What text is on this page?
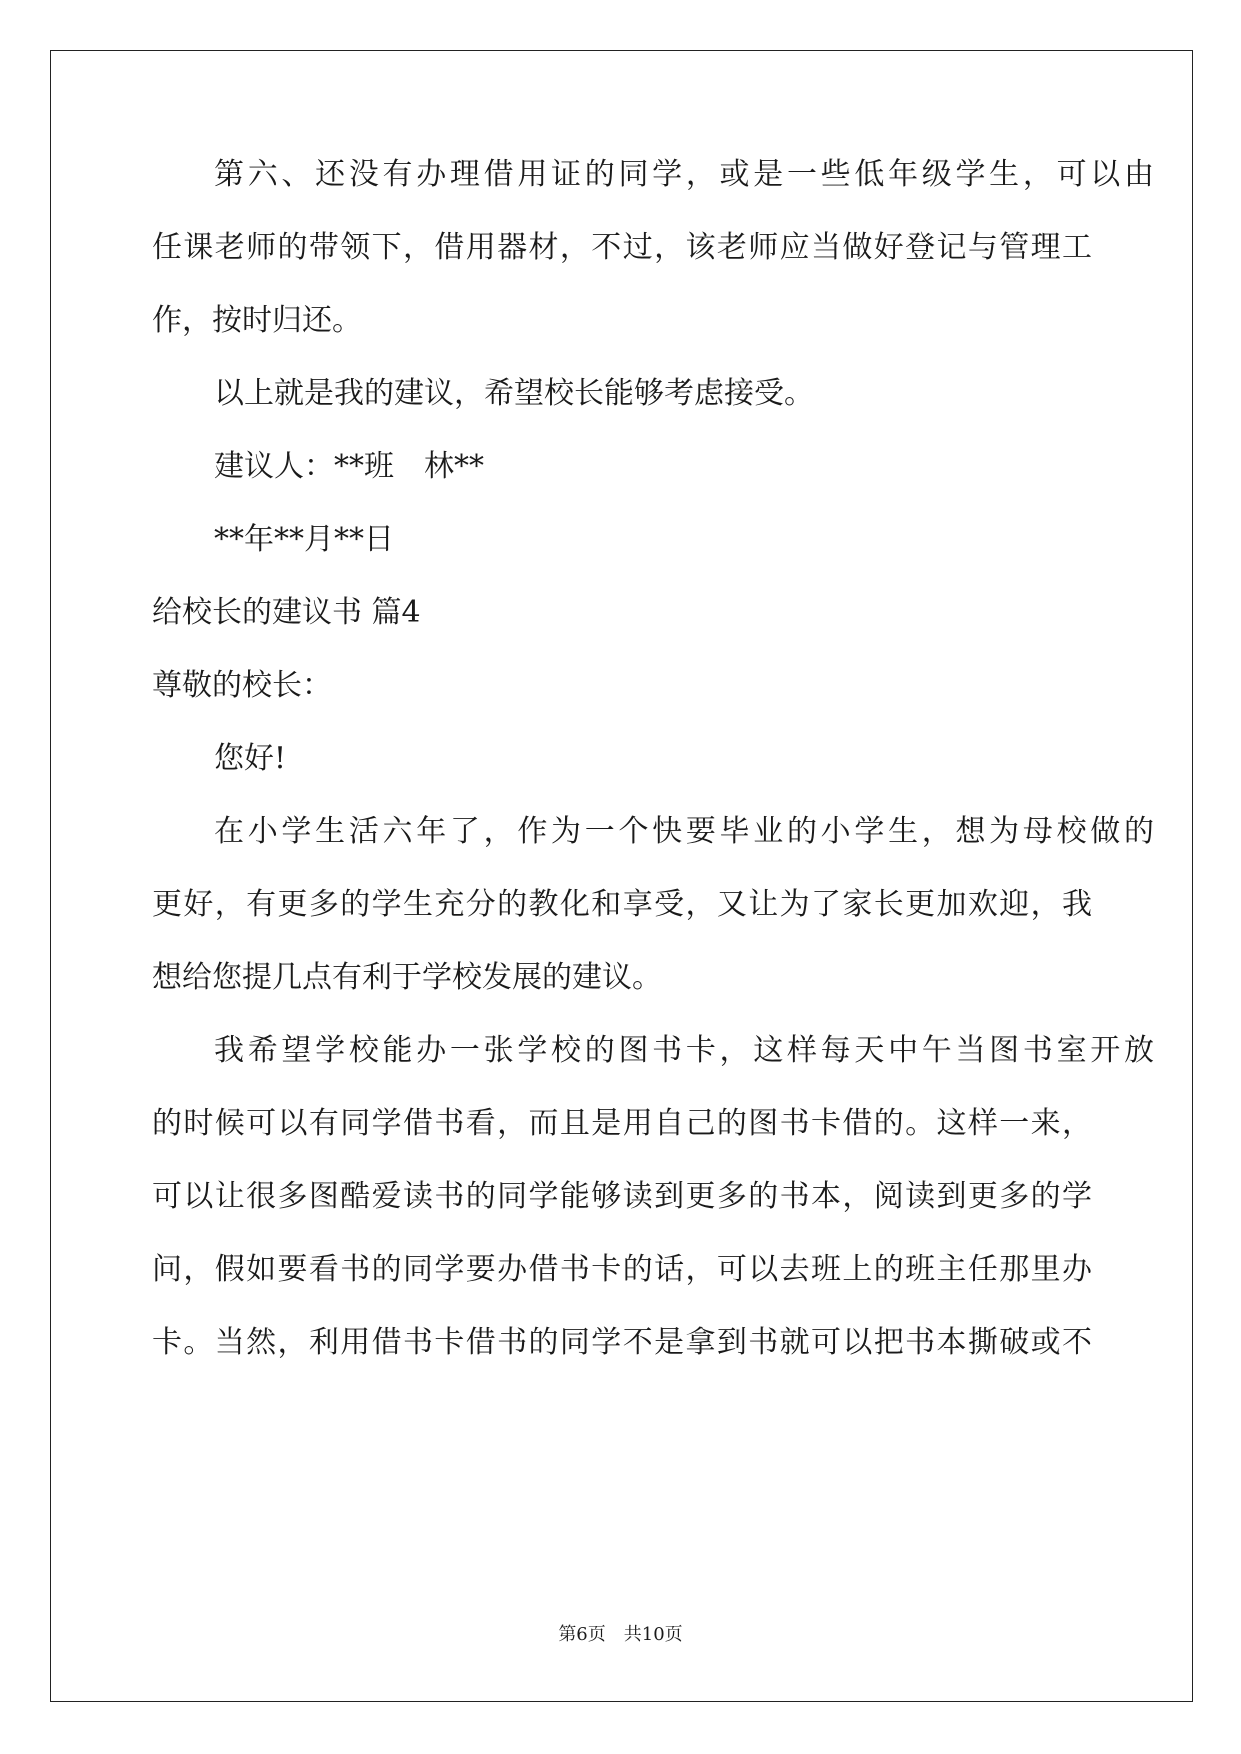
第六、还没有办理借用证的同学，或是一些低年级学生，可以由
任课老师的带领下，借用器材，不过，该老师应当做好登记与管理工
作，按时归还。
以上就是我的建议，希望校长能够考虑接受。
建议人：**班　林**
**年**月**日
给校长的建议书 篇4
尊敬的校长：
您好!
在小学生活六年了，作为一个快要毕业的小学生，想为母校做的
更好，有更多的学生充分的教化和享受，又让为了家长更加欢迎，我
想给您提几点有利于学校发展的建议。
我希望学校能办一张学校的图书卡，这样每天中午当图书室开放
的时候可以有同学借书看，而且是用自己的图书卡借的。这样一来，
可以让很多图酷爱读书的同学能够读到更多的书本，阅读到更多的学
问，假如要看书的同学要办借书卡的话，可以去班上的班主任那里办
卡。当然，利用借书卡借书的同学不是拿到书就可以把书本撕破或不
第6页　共10页
